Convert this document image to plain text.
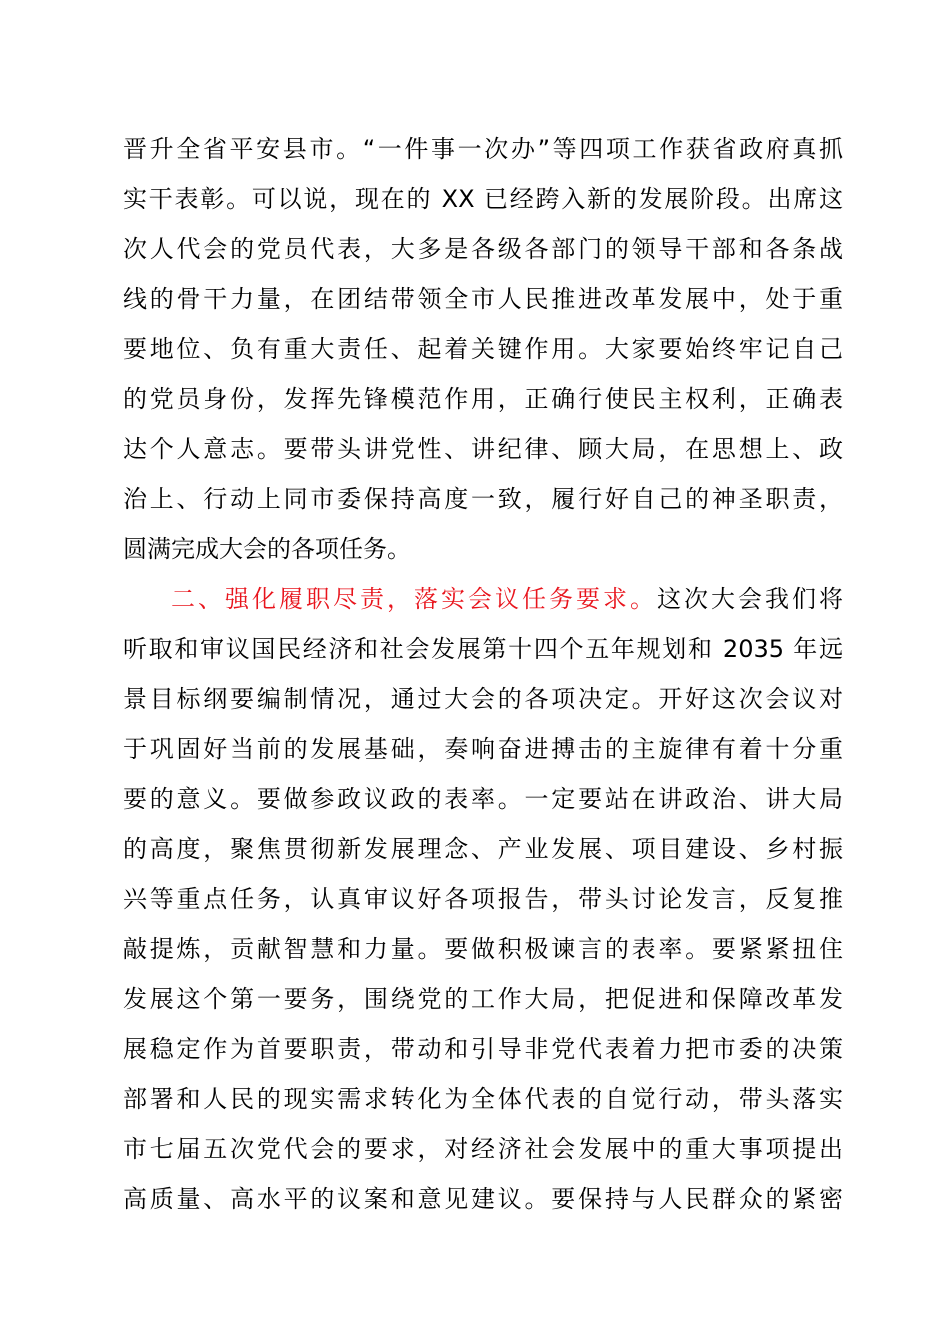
晋升全省平安县市。“一件事一次办”等四项工作获省政府真抓
实干表彰。可以说，现在的 XX 已经跨入新的发展阶段。出席这
次人代会的党员代表，大多是各级各部门的领导干部和各条战
线的骨干力量，在团结带领全市人民推进改革发展中，处于重
要地位、负有重大责任、起着关键作用。大家要始终牢记自己
的党员身份，发挥先锋模范作用，正确行使民主权利，正确表
达个人意志。要带头讲党性、讲纪律、顾大局，在思想上、政
治上、行动上同市委保持高度一致，履行好自己的神圣职责，
圆满完成大会的各项任务。
二、强化履职尽责，落实会议任务要求。这次大会我们将
听取和审议国民经济和社会发展第十四个五年规划和 2035 年远
景目标纲要编制情况，通过大会的各项决定。开好这次会议对
于巩固好当前的发展基础，奏响奋进搏击的主旋律有着十分重
要的意义。要做参政议政的表率。一定要站在讲政治、讲大局
的高度，聚焦贯彻新发展理念、产业发展、项目建设、乡村振
兴等重点任务，认真审议好各项报告，带头讨论发言，反复推
敲提炼，贡献智慧和力量。要做积极谏言的表率。要紧紧扭住
发展这个第一要务，围绕党的工作大局，把促进和保障改革发
展稳定作为首要职责，带动和引导非党代表着力把市委的决策
部署和人民的现实需求转化为全体代表的自觉行动，带头落实
市七届五次党代会的要求，对经济社会发展中的重大事项提出
高质量、高水平的议案和意见建议。要保持与人民群众的紧密
